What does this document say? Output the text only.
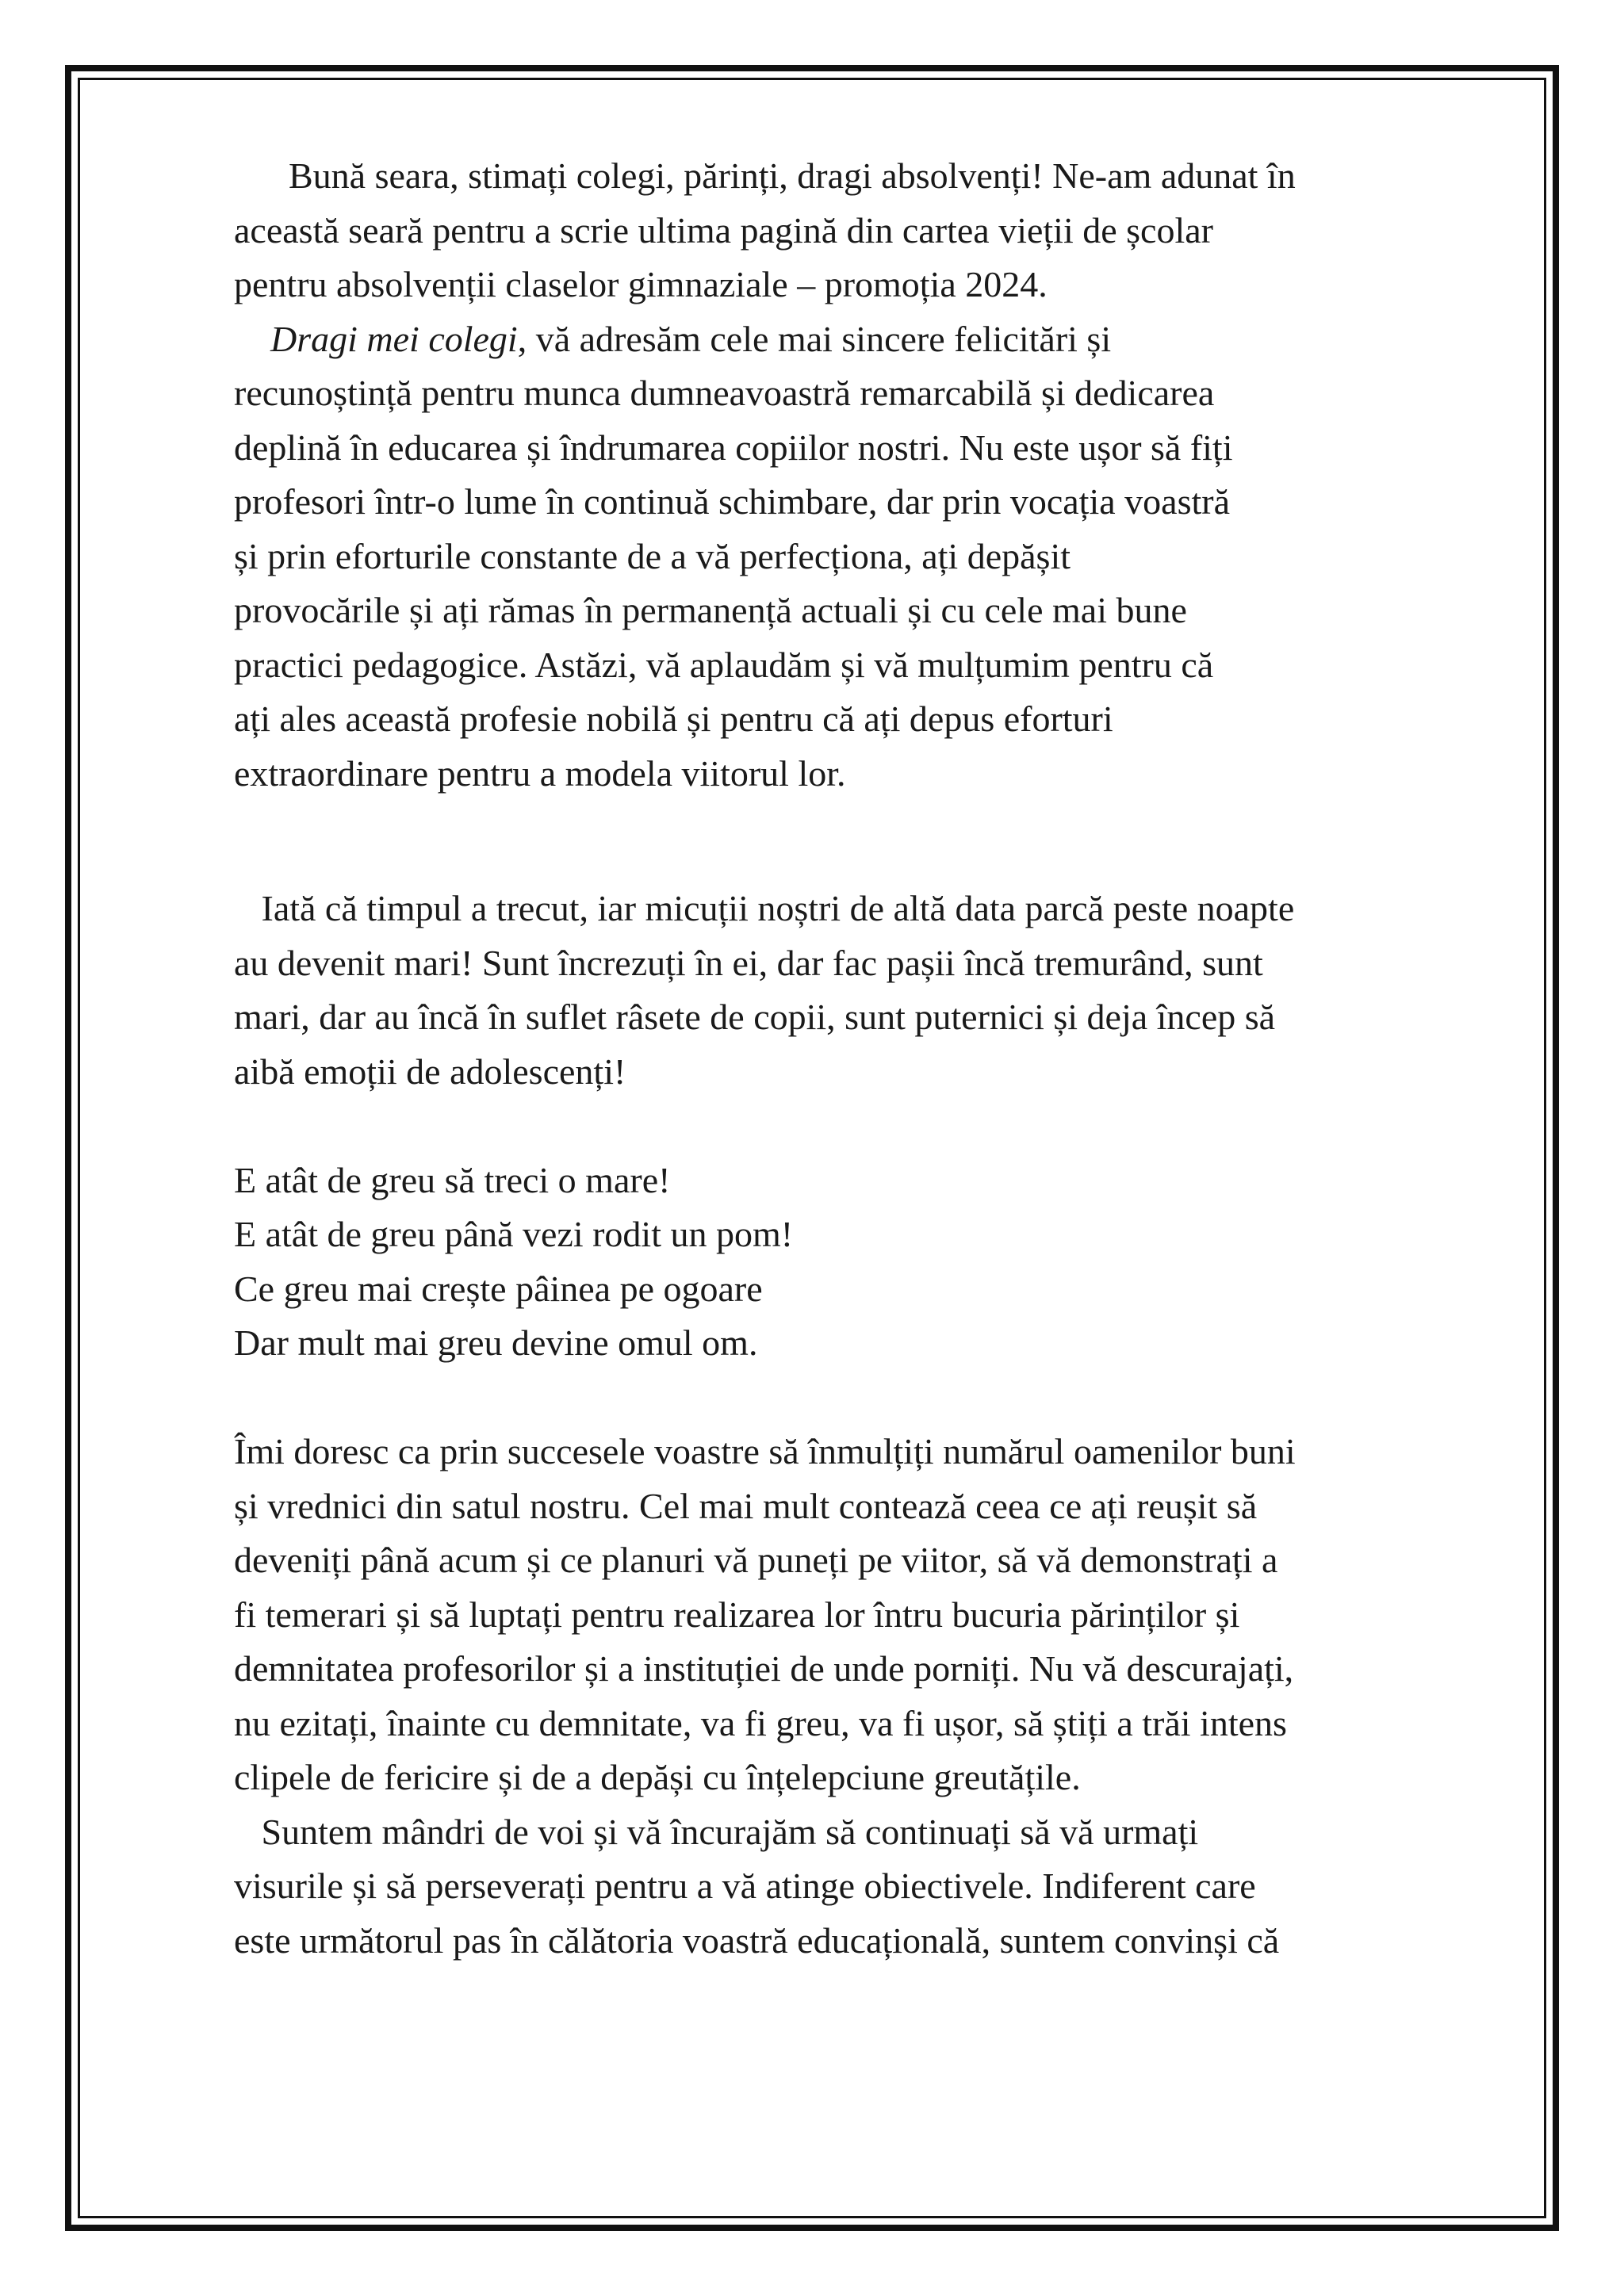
Bună seara, stimați colegi, părinți, dragi absolvenți! Ne-am adunat în
această seară pentru a scrie ultima pagină din cartea vieții de școlar
pentru absolvenții claselor gimnaziale – promoția 2024.
Dragi mei colegi, vă adresăm cele mai sincere felicitări și
recunoștință pentru munca dumneavoastră remarcabilă și dedicarea
deplină în educarea și îndrumarea copiilor nostri. Nu este ușor să fiți
profesori într-o lume în continuă schimbare, dar prin vocația voastră
și prin eforturile constante de a vă perfecționa, ați depășit
provocările și ați rămas în permanență actuali și cu cele mai bune
practici pedagogice. Astăzi, vă aplaudăm și vă mulțumim pentru că
ați ales această profesie nobilă și pentru că ați depus eforturi
extraordinare pentru a modela viitorul lor.
Iată că timpul a trecut, iar micuții noștri de altă data parcă peste noapte
au devenit mari! Sunt încrezuți în ei, dar fac pașii încă tremurând, sunt
mari, dar au încă în suflet râsete de copii, sunt puternici și deja încep să
aibă emoții de adolescenți!
E atât de greu să treci o mare!
E atât de greu până vezi rodit un pom!
Ce greu mai crește pâinea pe ogoare
Dar mult mai greu devine omul om.
Îmi doresc ca prin succesele voastre să înmulțiți numărul oamenilor buni
și vrednici din satul nostru. Cel mai mult contează ceea ce ați reușit să
deveniți până acum și ce planuri vă puneți pe viitor, să vă demonstrați a
fi temerari și să luptați pentru realizarea lor întru bucuria părinților și
demnitatea profesorilor și a instituției de unde porniți. Nu vă descurajați,
nu ezitați, înainte cu demnitate, va fi greu, va fi ușor, să știți a trăi intens
clipele de fericire și de a depăși cu înțelepciune greutățile.
Suntem mândri de voi și vă încurajăm să continuați să vă urmați
visurile și să perseverați pentru a vă atinge obiectivele. Indiferent care
este următorul pas în călătoria voastră educațională, suntem convinși că
